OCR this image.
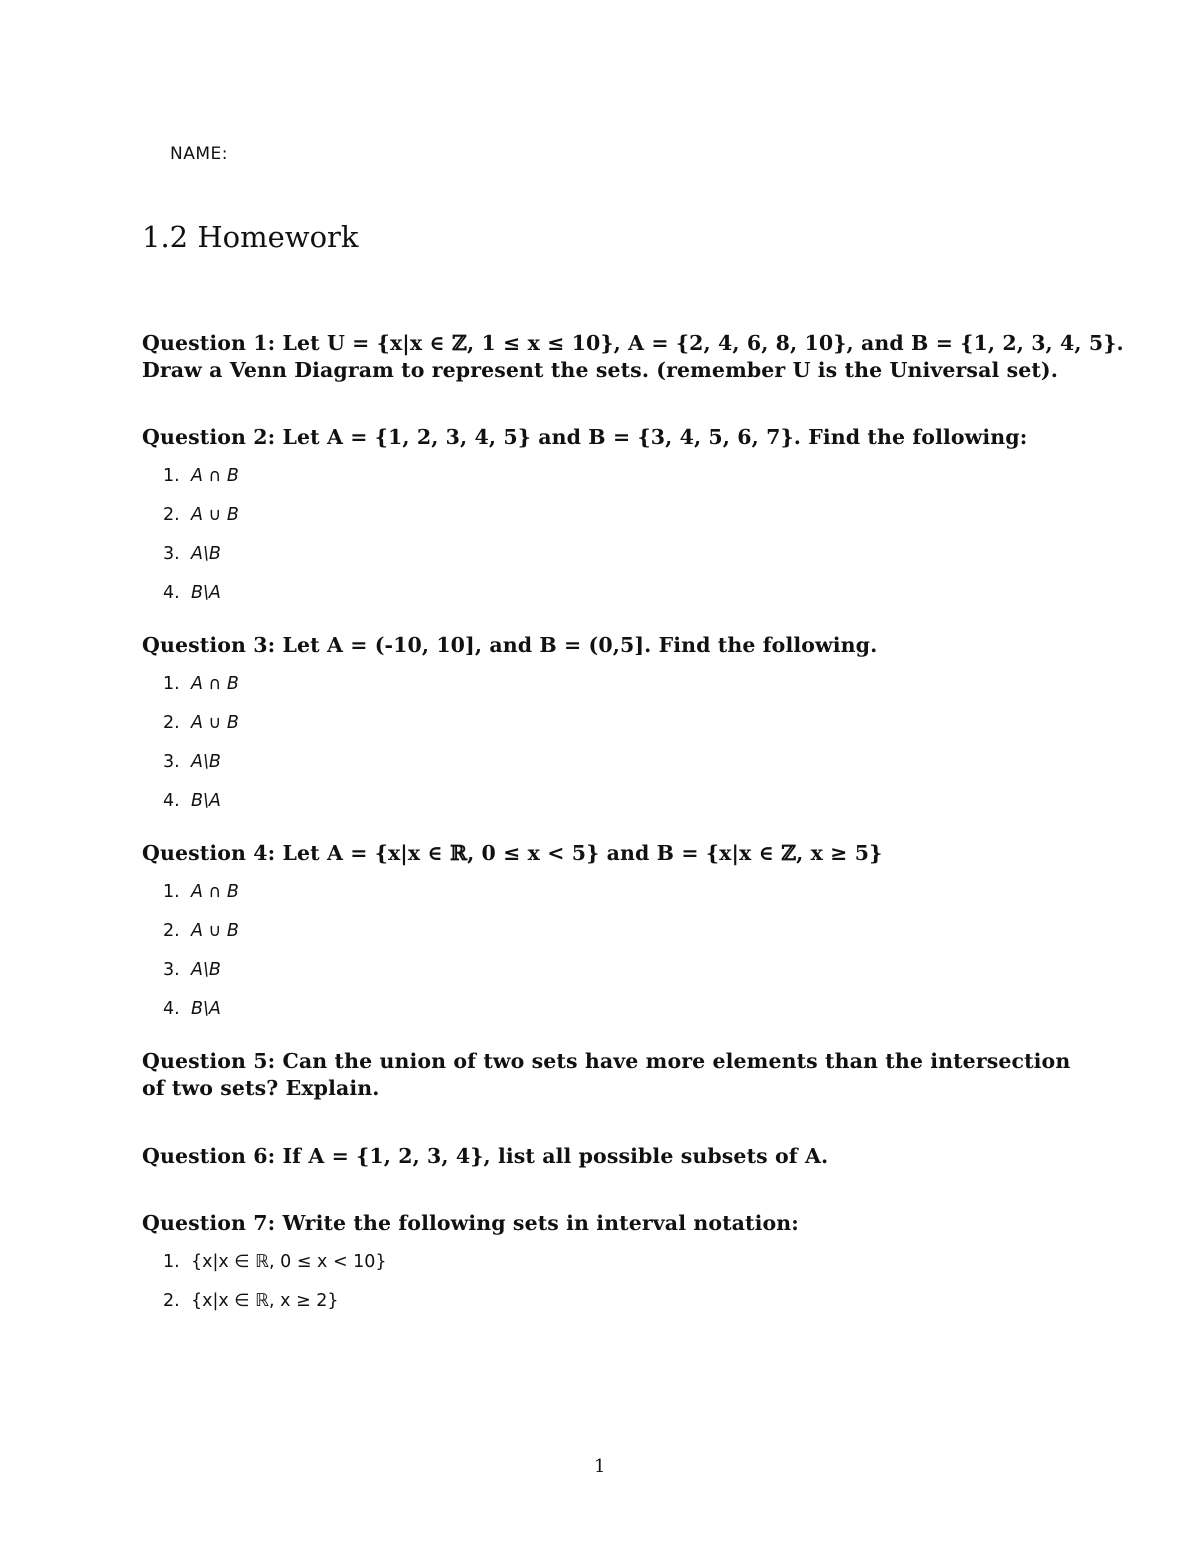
NAME:
1.2 Homework
Question 1: Let U = {x|x ∈ ℤ, 1 ≤ x ≤ 10}, A = {2, 4, 6, 8, 10}, and B = {1, 2, 3, 4, 5}.
Draw a Venn Diagram to represent the sets. (remember U is the Universal set).
Question 2: Let A = {1, 2, 3, 4, 5} and B = {3, 4, 5, 6, 7}. Find the following:
1. A ∩ B
2. A ∪ B
3. A\B
4. B\A
Question 3: Let A = (-10, 10], and B = (0,5]. Find the following.
1. A ∩ B
2. A ∪ B
3. A\B
4. B\A
Question 4: Let A = {x|x ∈ ℝ, 0 ≤ x < 5} and B = {x|x ∈ ℤ, x ≥ 5}
1. A ∩ B
2. A ∪ B
3. A\B
4. B\A
Question 5: Can the union of two sets have more elements than the intersection
of two sets? Explain.
Question 6: If A = {1, 2, 3, 4}, list all possible subsets of A.
Question 7: Write the following sets in interval notation:
1. {x|x ∈ ℝ, 0 ≤ x < 10}
2. {x|x ∈ ℝ, x ≥ 2}
1
